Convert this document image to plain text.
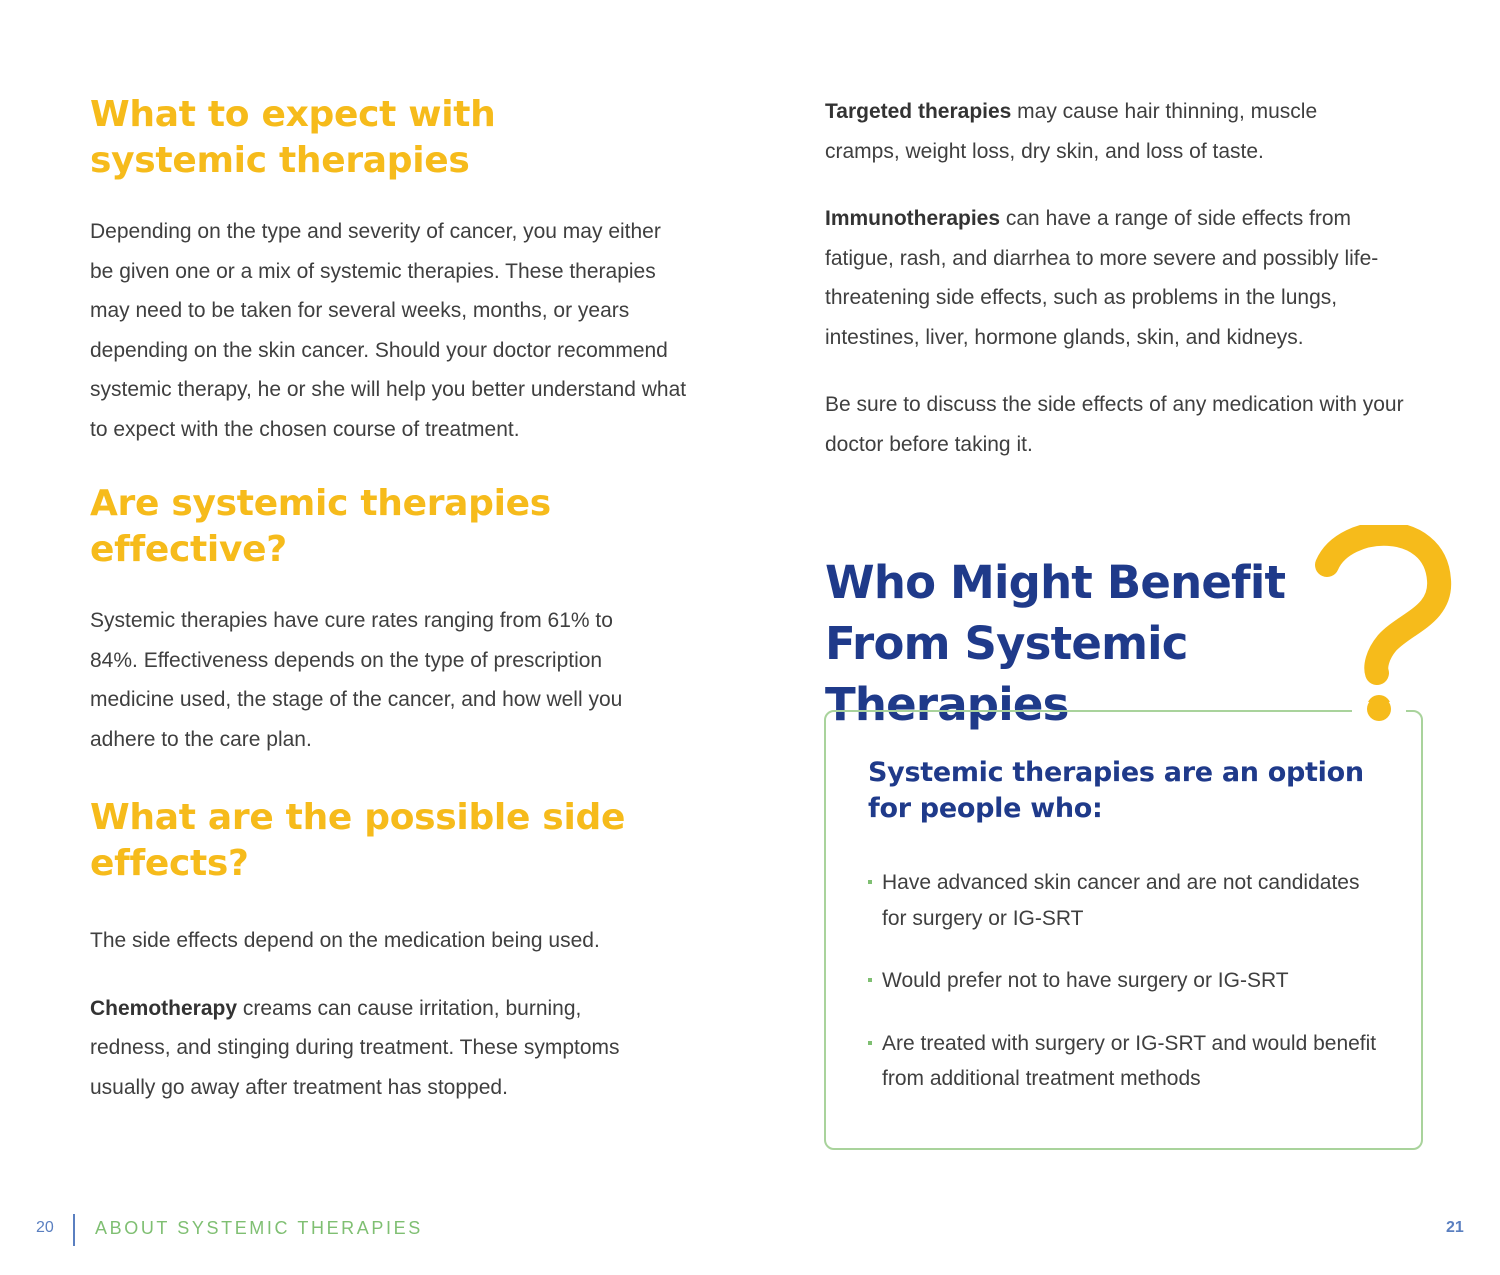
What to expect with systemic therapies

Depending on the type and severity of cancer, you may either be given one or a mix of systemic therapies. These therapies may need to be taken for several weeks, months, or years depending on the skin cancer. Should your doctor recommend systemic therapy, he or she will help you better understand what to expect with the chosen course of treatment.

Are systemic therapies effective?

Systemic therapies have cure rates ranging from 61% to 84%. Effectiveness depends on the type of prescription medicine used, the stage of the cancer, and how well you adhere to the care plan.

What are the possible side effects?

The side effects depend on the medication being used.

Chemotherapy creams can cause irritation, burning, redness, and stinging during treatment. These symptoms usually go away after treatment has stopped.

Targeted therapies may cause hair thinning, muscle cramps, weight loss, dry skin, and loss of taste.

Immunotherapies can have a range of side effects from fatigue, rash, and diarrhea to more severe and possibly life-threatening side effects, such as problems in the lungs, intestines, liver, hormone glands, skin, and kidneys.

Be sure to discuss the side effects of any medication with your doctor before taking it.

Who Might Benefit
From Systemic Therapies
Systemic therapies are an option for people who:
Have advanced skin cancer and are not candidates for surgery or IG-SRT
Would prefer not to have surgery or IG-SRT
Are treated with surgery or IG-SRT and would benefit from additional treatment methods
20 ABOUT SYSTEMIC THERAPIES	21
